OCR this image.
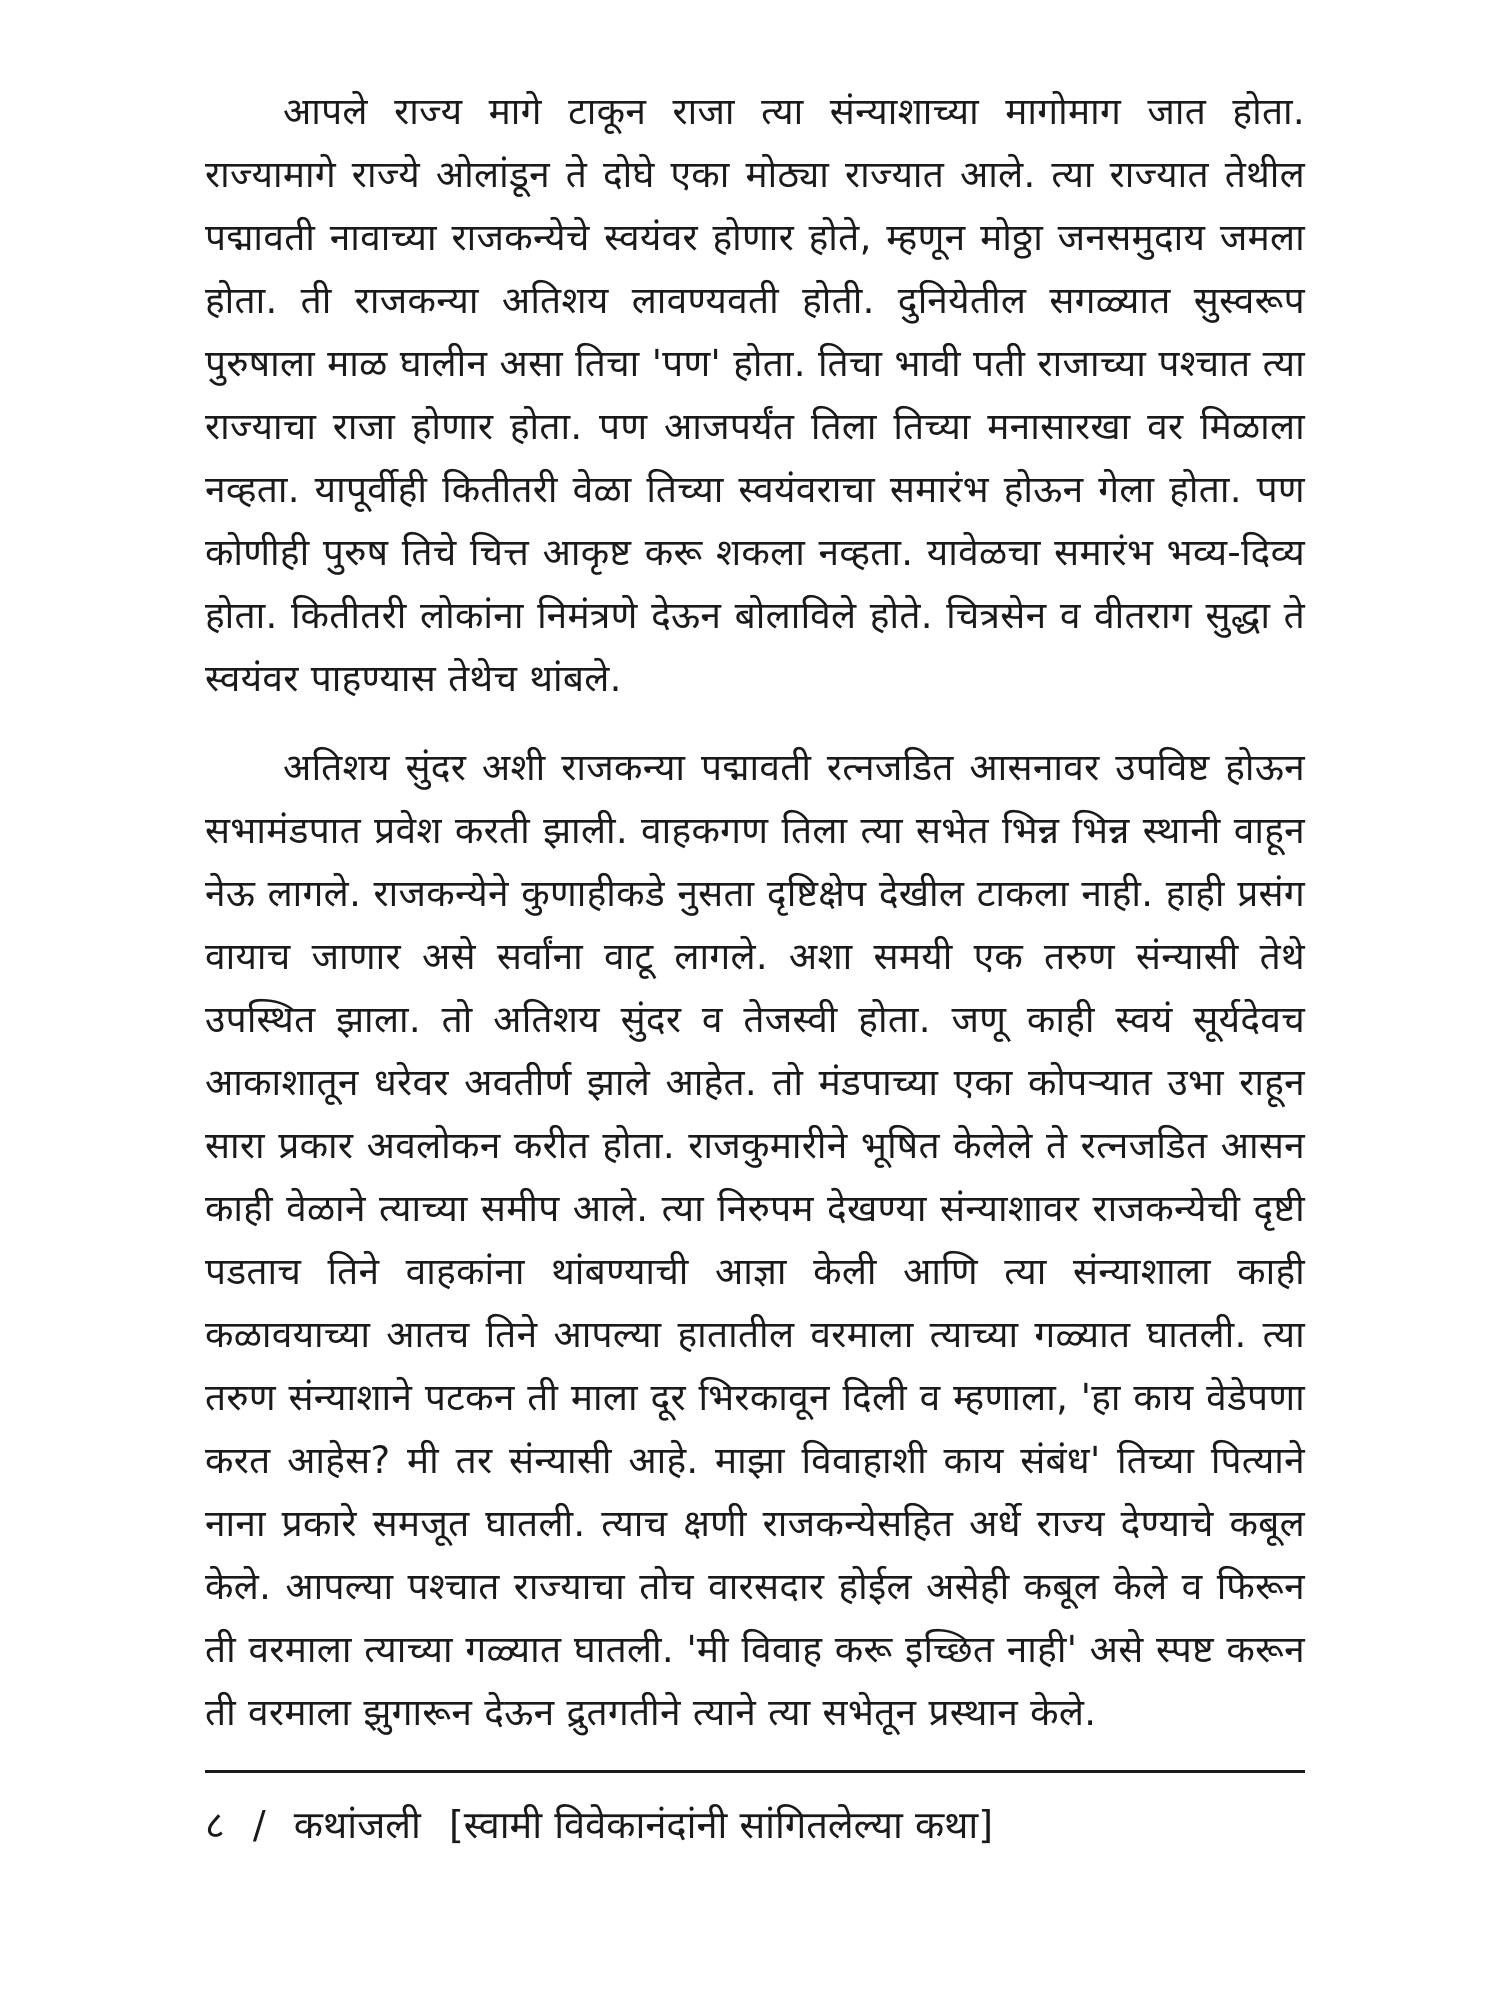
आपले राज्य मागे टाकून राजा त्या संन्याशाच्या मागोमाग जात होता. राज्यामागे राज्ये ओलांडून ते दोघे एका मोठ्या राज्यात आले. त्या राज्यात तेथील पद्मावती नावाच्या राजकन्येचे स्वयंवर होणार होते, म्हणून मोठ्ठा जनसमुदाय जमला होता. ती राजकन्या अतिशय लावण्यवती होती. दुनियेतील सगळ्यात सुस्वरूप पुरुषाला माळ घालीन असा तिचा 'पण' होता. तिचा भावी पती राजाच्या पश्चात त्या राज्याचा राजा होणार होता. पण आजपर्यंत तिला तिच्या मनासारखा वर मिळाला नव्हता. यापूर्वीही कितीतरी वेळा तिच्या स्वयंवराचा समारंभ होऊन गेला होता. पण कोणीही पुरुष तिचे चित्त आकृष्ट करू शकला नव्हता. यावेळचा समारंभ भव्य-दिव्य होता. कितीतरी लोकांना निमंत्रणे देऊन बोलाविले होते. चित्रसेन व वीतराग सुद्धा ते स्वयंवर पाहण्यास तेथेच थांबले.

अतिशय सुंदर अशी राजकन्या पद्मावती रत्नजडित आसनावर उपविष्ट होऊन सभामंडपात प्रवेश करती झाली. वाहकगण तिला त्या सभेत भिन्न भिन्न स्थानी वाहून नेऊ लागले. राजकन्येने कुणाहीकडे नुसता दृष्टिक्षेप देखील टाकला नाही. हाही प्रसंग वायाच जाणार असे सर्वांना वाटू लागले. अशा समयी एक तरुण संन्यासी तेथे उपस्थित झाला. तो अतिशय सुंदर व तेजस्वी होता. जणू काही स्वयं सूर्यदेवच आकाशातून धरेवर अवतीर्ण झाले आहेत. तो मंडपाच्या एका कोपऱ्यात उभा राहून सारा प्रकार अवलोकन करीत होता. राजकुमारीने भूषित केलेले ते रत्नजडित आसन काही वेळाने त्याच्या समीप आले. त्या निरुपम देखण्या संन्याशावर राजकन्येची दृष्टी पडताच तिने वाहकांना थांबण्याची आज्ञा केली आणि त्या संन्याशाला काही कळावयाच्या आतच तिने आपल्या हातातील वरमाला त्याच्या गळ्यात घातली. त्या तरुण संन्याशाने पटकन ती माला दूर भिरकावून दिली व म्हणाला, 'हा काय वेडेपणा करत आहेस? मी तर संन्यासी आहे. माझा विवाहाशी काय संबंध' तिच्या पित्याने नाना प्रकारे समजूत घातली. त्याच क्षणी राजकन्येसहित अर्धे राज्य देण्याचे कबूल केले. आपल्या पश्चात राज्याचा तोच वारसदार होईल असेही कबूल केले व फिरून ती वरमाला त्याच्या गळ्यात घातली. 'मी विवाह करू इच्छित नाही' असे स्पष्ट करून ती वरमाला झुगारून देऊन द्रुतगतीने त्याने त्या सभेतून प्रस्थान केले.

८ / कथांजली [स्वामी विवेकानंदांनी सांगितलेल्या कथा]
